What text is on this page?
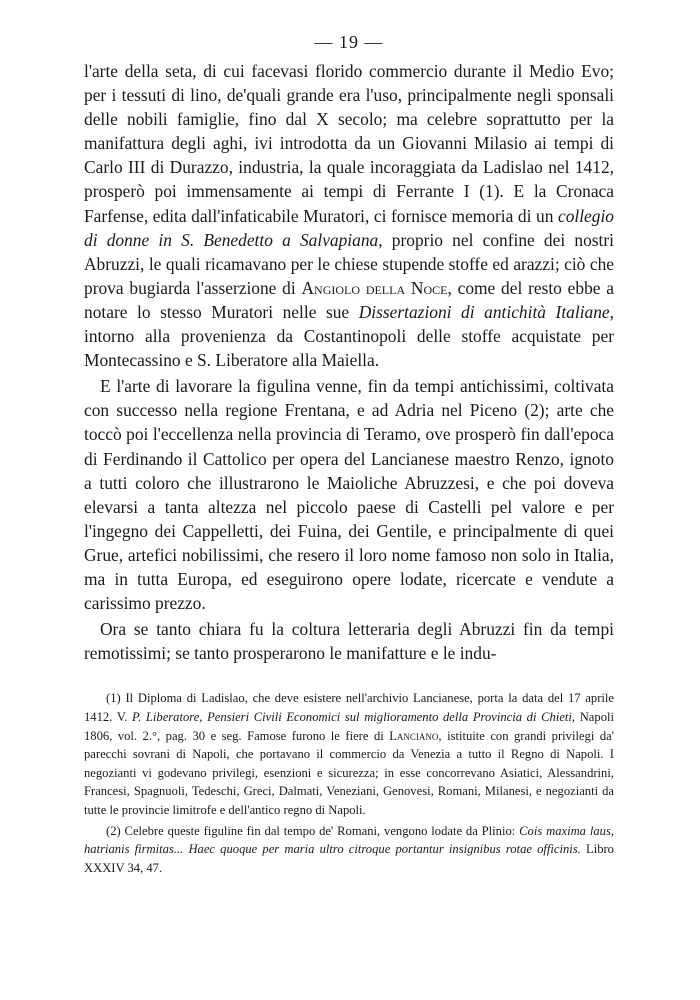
— 19 —

l'arte della seta, di cui facevasi florido commercio durante il Medio Evo; per i tessuti di lino, de'quali grande era l'uso, principalmente negli sponsali delle nobili famiglie, fino dal X secolo; ma celebre soprattutto per la manifattura degli aghi, ivi introdotta da un Giovanni Milasio ai tempi di Carlo III di Durazzo, industria, la quale incoraggiata da Ladislao nel 1412, prosperò poi immensamente ai tempi di Ferrante I (1). E la Cronaca Farfense, edita dall'infaticabile Muratori, ci fornisce memoria di un collegio di donne in S. Benedetto a Salvapiana, proprio nel confine dei nostri Abruzzi, le quali ricamavano per le chiese stupende stoffe ed arazzi; ciò che prova bugiarda l'asserzione di Angiolo della Noce, come del resto ebbe a notare lo stesso Muratori nelle sue Dissertazioni di antichità Italiane, intorno alla provenienza da Costantinopoli delle stoffe acquistate per Montecassino e S. Liberatore alla Maiella.

E l'arte di lavorare la figulina venne, fin da tempi antichissimi, coltivata con successo nella regione Frentana, e ad Adria nel Piceno (2); arte che toccò poi l'eccellenza nella provincia di Teramo, ove prosperò fin dall'epoca di Ferdinando il Cattolico per opera del Lancianese maestro Renzo, ignoto a tutti coloro che illustrarono le Maioliche Abruzzesi, e che poi doveva elevarsi a tanta altezza nel piccolo paese di Castelli pel valore e per l'ingegno dei Cappelletti, dei Fuina, dei Gentile, e principalmente di quei Grue, artefici nobilissimi, che resero il loro nome famoso non solo in Italia, ma in tutta Europa, ed eseguirono opere lodate, ricercate e vendute a carissimo prezzo.

Ora se tanto chiara fu la coltura letteraria degli Abruzzi fin da tempi remotissimi; se tanto prosperarono le manifatture e le indu-

(1) Il Diploma di Ladislao, che deve esistere nell'archivio Lancianese, porta la data del 17 aprile 1412. V. P. Liberatore, Pensieri Civili Economici sul miglioramento della Provincia di Chieti, Napoli 1806, vol. 2.°, pag. 30 e seg. Famose furono le fiere di Lanciano, istituite con grandi privilegi da' parecchi sovrani di Napoli, che portavano il commercio da Venezia a tutto il Regno di Napoli. I negozianti vi godevano privilegi, esenzioni e sicurezza; in esse concorrevano Asiatici, Alessandrini, Francesi, Spagnuoli, Tedeschi, Greci, Dalmati, Veneziani, Genovesi, Romani, Milanesi, e negozianti da tutte le provincie limitrofe e dell'antico regno di Napoli.

(2) Celebre queste figuline fin dal tempo de' Romani, vengono lodate da Plinio: Cois maxima laus, hatrianis firmitas... Haec quoque per maria ultro citroque portantur insignibus rotae officinis. Libro XXXIV 34, 47.
